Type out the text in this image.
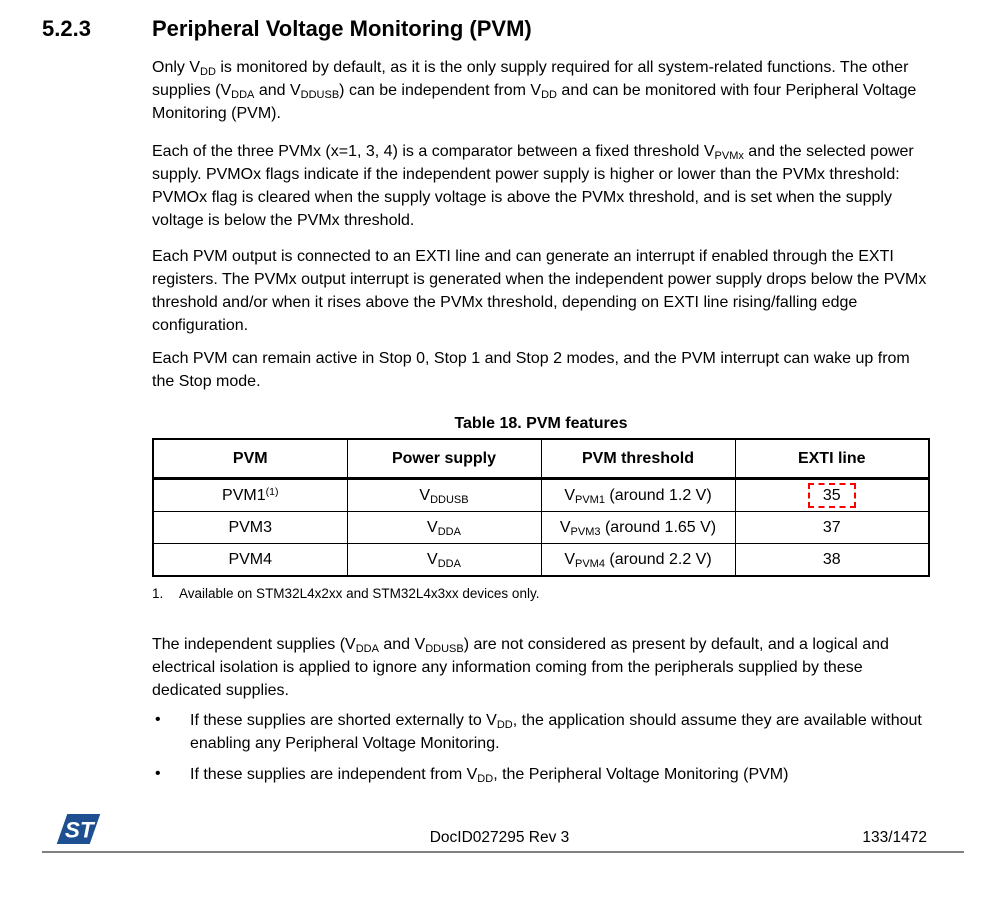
5.2.3	Peripheral Voltage Monitoring (PVM)

Only $V_{DD}$ is monitored by default, as it is the only supply required for all system-related functions. The other supplies ($V_{DDA}$ and $V_{DDUSB}$) can be independent from $V_{DD}$ and can be monitored with four Peripheral Voltage Monitoring (PVM).

Each of the three PVMx (x=1, 3, 4) is a comparator between a fixed threshold $V_{PVMx}$ and the selected power supply. PVMOx flags indicate if the independent power supply is higher or lower than the PVMx threshold: PVMOx flag is cleared when the supply voltage is above the PVMx threshold, and is set when the supply voltage is below the PVMx threshold.

Each PVM output is connected to an EXTI line and can generate an interrupt if enabled through the EXTI registers. The PVMx output interrupt is generated when the independent power supply drops below the PVMx threshold and/or when it rises above the PVMx threshold, depending on EXTI line rising/falling edge configuration.

Each PVM can remain active in Stop 0, Stop 1 and Stop 2 modes, and the PVM interrupt can wake up from the Stop mode.

Table 18. PVM features
PVM	Power supply	PVM threshold	EXTI line
PVM1$^{(1)}$	$V_{DDUSB}$	$V_{PVM1}$ (around 1.2 V)	35
PVM3	$V_{DDA}$	$V_{PVM3}$ (around 1.65 V)	37
PVM4	$V_{DDA}$	$V_{PVM4}$ (around 2.2 V)	38
1. Available on STM32L4x2xx and STM32L4x3xx devices only.

The independent supplies ($V_{DDA}$ and $V_{DDUSB}$) are not considered as present by default, and a logical and electrical isolation is applied to ignore any information coming from the peripherals supplied by these dedicated supplies.

• If these supplies are shorted externally to $V_{DD}$, the application should assume they are available without enabling any Peripheral Voltage Monitoring.
• If these supplies are independent from $V_{DD}$, the Peripheral Voltage Monitoring (PVM)
ST	DocID027295 Rev 3	133/1472
